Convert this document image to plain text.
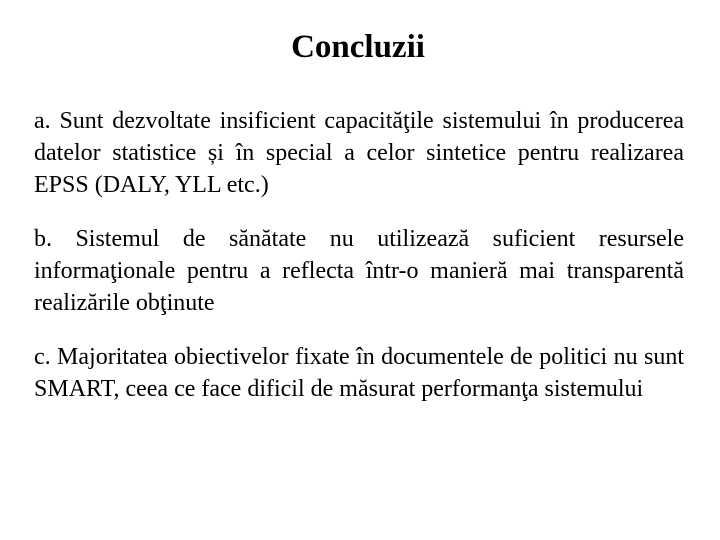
Concluzii

a. Sunt dezvoltate insificient capacităţile sistemului în producerea datelor statistice și în special a celor sintetice pentru realizarea EPSS (DALY, YLL etc.)

b. Sistemul de sănătate nu utilizează suficient resursele informaţionale pentru a reflecta într-o manieră mai transparentă realizările obţinute

c. Majoritatea obiectivelor fixate în documentele de politici nu sunt SMART, ceea ce face dificil de măsurat performanţa sistemului
